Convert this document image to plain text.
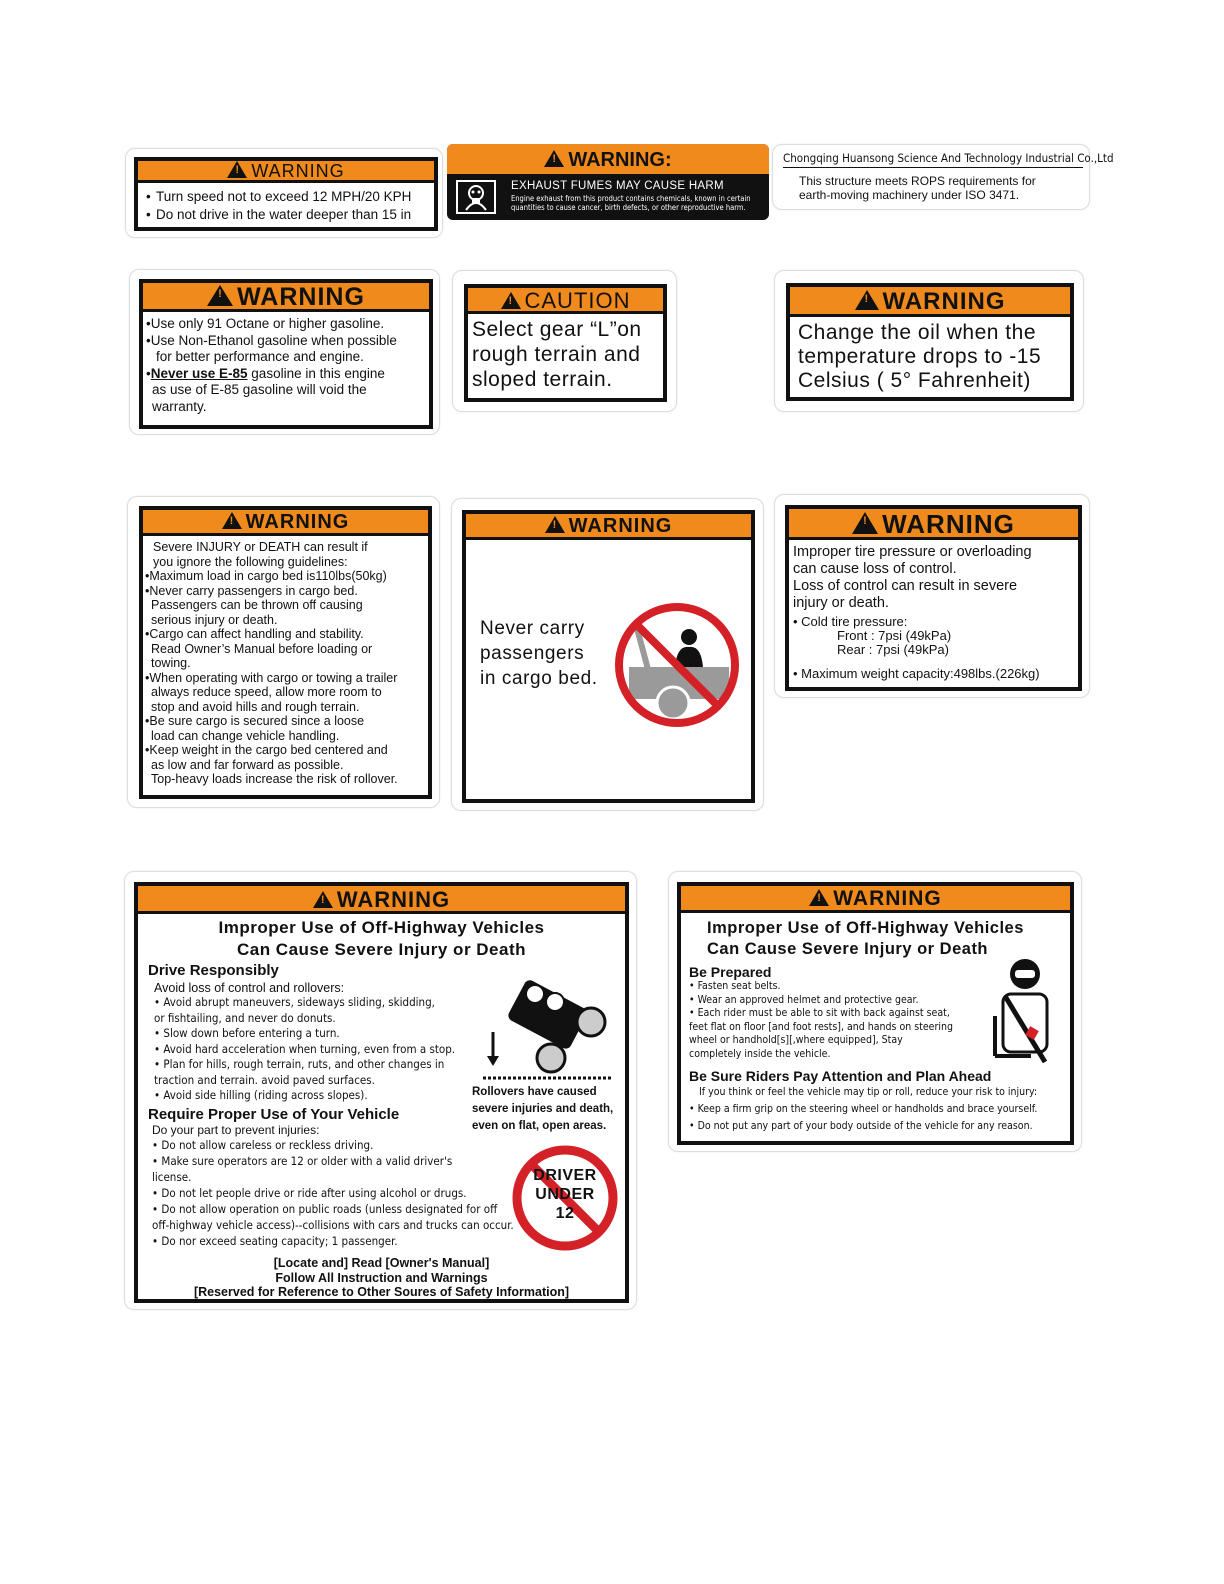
!WARNING
• Turn speed not to exceed 12 MPH/20 KPH
• Do not drive in the water deeper than 15 in
!WARNING:
EXHAUST FUMES MAY CAUSE HARM
Engine exhaust from this product contains chemicals, known in certain
quantities to cause cancer, birth defects, or other reproductive harm.
Chongqing Huansong Science And Technology Industrial Co.,Ltd
This structure meets ROPS requirements for
earth-moving machinery under ISO 3471.
!WARNING
•Use only 91 Octane or higher gasoline.
•Use Non-Ethanol gasoline when possible
for better performance and engine.
•Never use E-85 gasoline in this engine
as use of E-85 gasoline will void the
warranty.
!CAUTION
Select gear “L”on
rough terrain and
sloped terrain.
!WARNING
Change the oil when the
temperature drops to -15
Celsius ( 5° Fahrenheit)
!WARNING
Severe INJURY or DEATH can result if
you ignore the following guidelines:
•Maximum load in cargo bed is110lbs(50kg)
•Never carry passengers in cargo bed.
Passengers can be thrown off causing
serious injury or death.
•Cargo can affect handling and stability.
Read Owner’s Manual before loading or
towing.
•When operating with cargo or towing a trailer
always reduce speed, allow more room to
stop and avoid hills and rough terrain.
•Be sure cargo is secured since a loose
load can change vehicle handling.
•Keep weight in the cargo bed centered and
as low and far forward as possible.
Top-heavy loads increase the risk of rollover.
!WARNING
Never carry
passengers
in cargo bed.
!WARNING
Improper tire pressure or overloading
can cause loss of control.
Loss of control can result in severe
injury or death.
• Cold tire pressure:
Front : 7psi (49kPa)
Rear : 7psi (49kPa)
• Maximum weight capacity:498lbs.(226kg)
!WARNING
Improper Use of Off-Highway Vehicles
Can Cause Severe Injury or Death
Drive Responsibly
Avoid loss of control and rollovers:
• Avoid abrupt maneuvers, sideways sliding, skidding,
or fishtailing, and never do donuts.
• Slow down before entering a turn.
• Avoid hard acceleration when turning, even from a stop.
• Plan for hills, rough terrain, ruts, and other changes in
traction and terrain. avoid paved surfaces.
• Avoid side hilling (riding across slopes).
Require Proper Use of Your Vehicle
Do your part to prevent injuries:
• Do not allow careless or reckless driving.
• Make sure operators are 12 or older with a valid driver's
license.
• Do not let people drive or ride after using alcohol or drugs.
• Do not allow operation on public roads (unless designated for off
off-highway vehicle access)--collisions with cars and trucks can occur.
• Do nor exceed seating capacity; 1 passenger.
Rollovers have caused
severe injuries and death,
even on flat, open areas.
DRIVER
UNDER
12
[Locate and] Read [Owner's Manual]
Follow All Instruction and Warnings
[Reserved for Reference to Other Soures of Safety Information]
!WARNING
Improper Use of Off-Highway Vehicles
Can Cause Severe Injury or Death
Be Prepared
• Fasten seat belts.
• Wear an approved helmet and protective gear.
• Each rider must be able to sit with back against seat,
feet flat on floor [and foot rests], and hands on steering
wheel or handhold[s][,where equipped], Stay
completely inside the vehicle.
Be Sure Riders Pay Attention and Plan Ahead
If you think or feel the vehicle may tip or roll, reduce your risk to injury:
• Keep a firm grip on the steering wheel or handholds and brace yourself.
• Do not put any part of your body outside of the vehicle for any reason.
